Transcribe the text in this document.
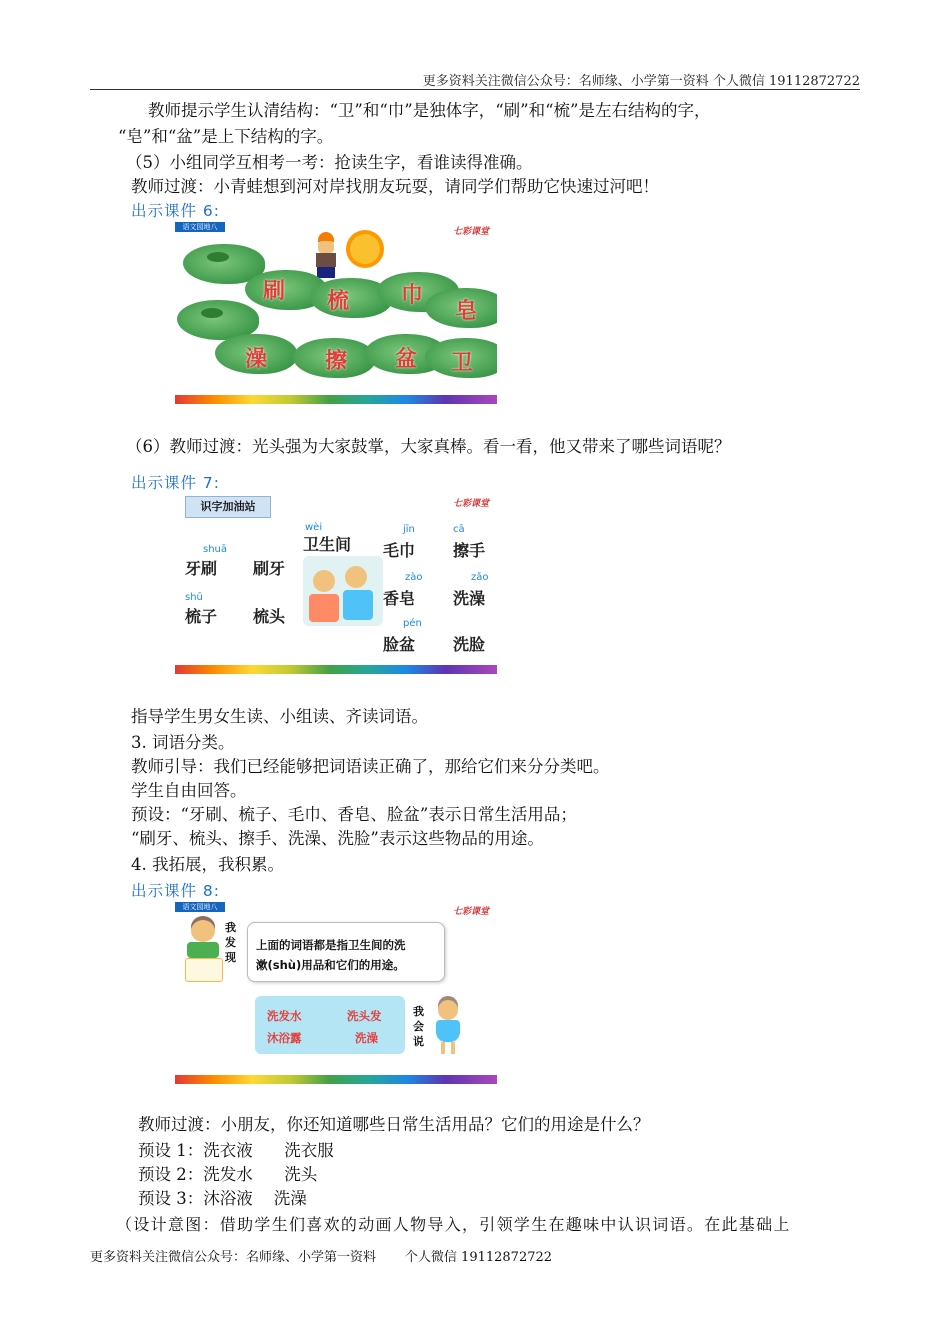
更多资料关注微信公众号：名师缘、小学第一资料 个人微信 19112872722
教师提示学生认清结构：“卫”和“巾”是独体字，“刷”和“梳”是左右结构的字，
“皂”和“盆”是上下结构的字。
（5）小组同学互相考一考：抢读生字，看谁读得准确。
教师过渡：小青蛙想到河对岸找朋友玩耍，请同学们帮助它快速过河吧！
出示课件 6:
语文园地八	七彩课堂
刷 梳 巾
皂
澡	擦 盆 卫
（6）教师过渡：光头强为大家鼓掌，大家真棒。看一看，他又带来了哪些词语呢？
出示课件 7:
识字加油站	七彩课堂
shuā
牙刷 刷牙
wèi
卫生间
jīn
毛巾
cā
擦手
shū
梳子 梳头
zào
香皂
zǎo
洗澡
pén
脸盆 洗脸
指导学生男女生读、小组读、齐读词语。
3. 词语分类。
教师引导：我们已经能够把词语读正确了，那给它们来分分类吧。
学生自由回答。
预设：“牙刷、梳子、毛巾、香皂、脸盆”表示日常生活用品；
“刷牙、梳头、擦手、洗澡、洗脸”表示这些物品的用途。
4. 我拓展，我积累。
出示课件 8:
语文园地八	七彩课堂
我发现
上面的词语都是指卫生间的洗
漱(shù)用品和它们的用途。
洗发水	洗头发
沐浴露	洗澡
我会说
教师过渡：小朋友，你还知道哪些日常生活用品？它们的用途是什么？
预设 1：洗衣液      洗衣服
预设 2：洗发水      洗头
预设 3：沐浴液    洗澡
（设计意图：借助学生们喜欢的动画人物导入，引领学生在趣味中认识词语。在此基础上
更多资料关注微信公众号：名师缘、小学第一资料       个人微信 19112872722
